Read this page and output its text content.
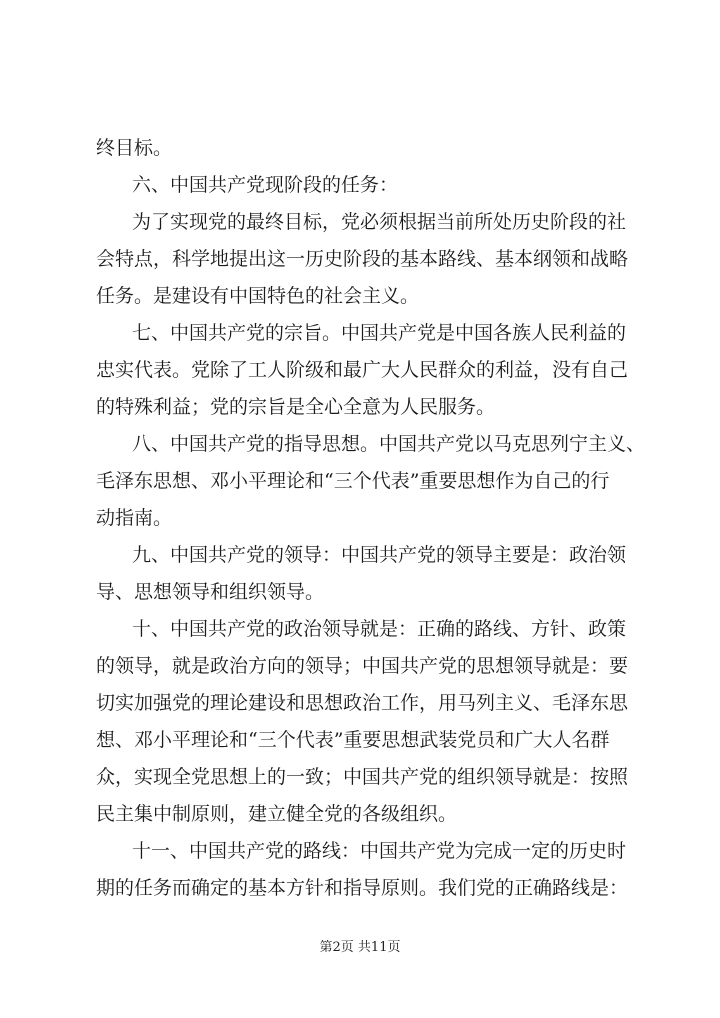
终目标。
六、中国共产党现阶段的任务：
为了实现党的最终目标，党必须根据当前所处历史阶段的社
会特点，科学地提出这一历史阶段的基本路线、基本纲领和战略
任务。是建设有中国特色的社会主义。
七、中国共产党的宗旨。中国共产党是中国各族人民利益的
忠实代表。党除了工人阶级和最广大人民群众的利益，没有自己
的特殊利益；党的宗旨是全心全意为人民服务。
八、中国共产党的指导思想。中国共产党以马克思列宁主义、
毛泽东思想、邓小平理论和“三个代表”重要思想作为自己的行
动指南。
九、中国共产党的领导：中国共产党的领导主要是：政治领
导、思想领导和组织领导。
十、中国共产党的政治领导就是：正确的路线、方针、政策
的领导，就是政治方向的领导；中国共产党的思想领导就是：要
切实加强党的理论建设和思想政治工作，用马列主义、毛泽东思
想、邓小平理论和“三个代表”重要思想武装党员和广大人名群
众，实现全党思想上的一致；中国共产党的组织领导就是：按照
民主集中制原则，建立健全党的各级组织。
十一、中国共产党的路线：中国共产党为完成一定的历史时
期的任务而确定的基本方针和指导原则。我们党的正确路线是：
第2页 共11页
